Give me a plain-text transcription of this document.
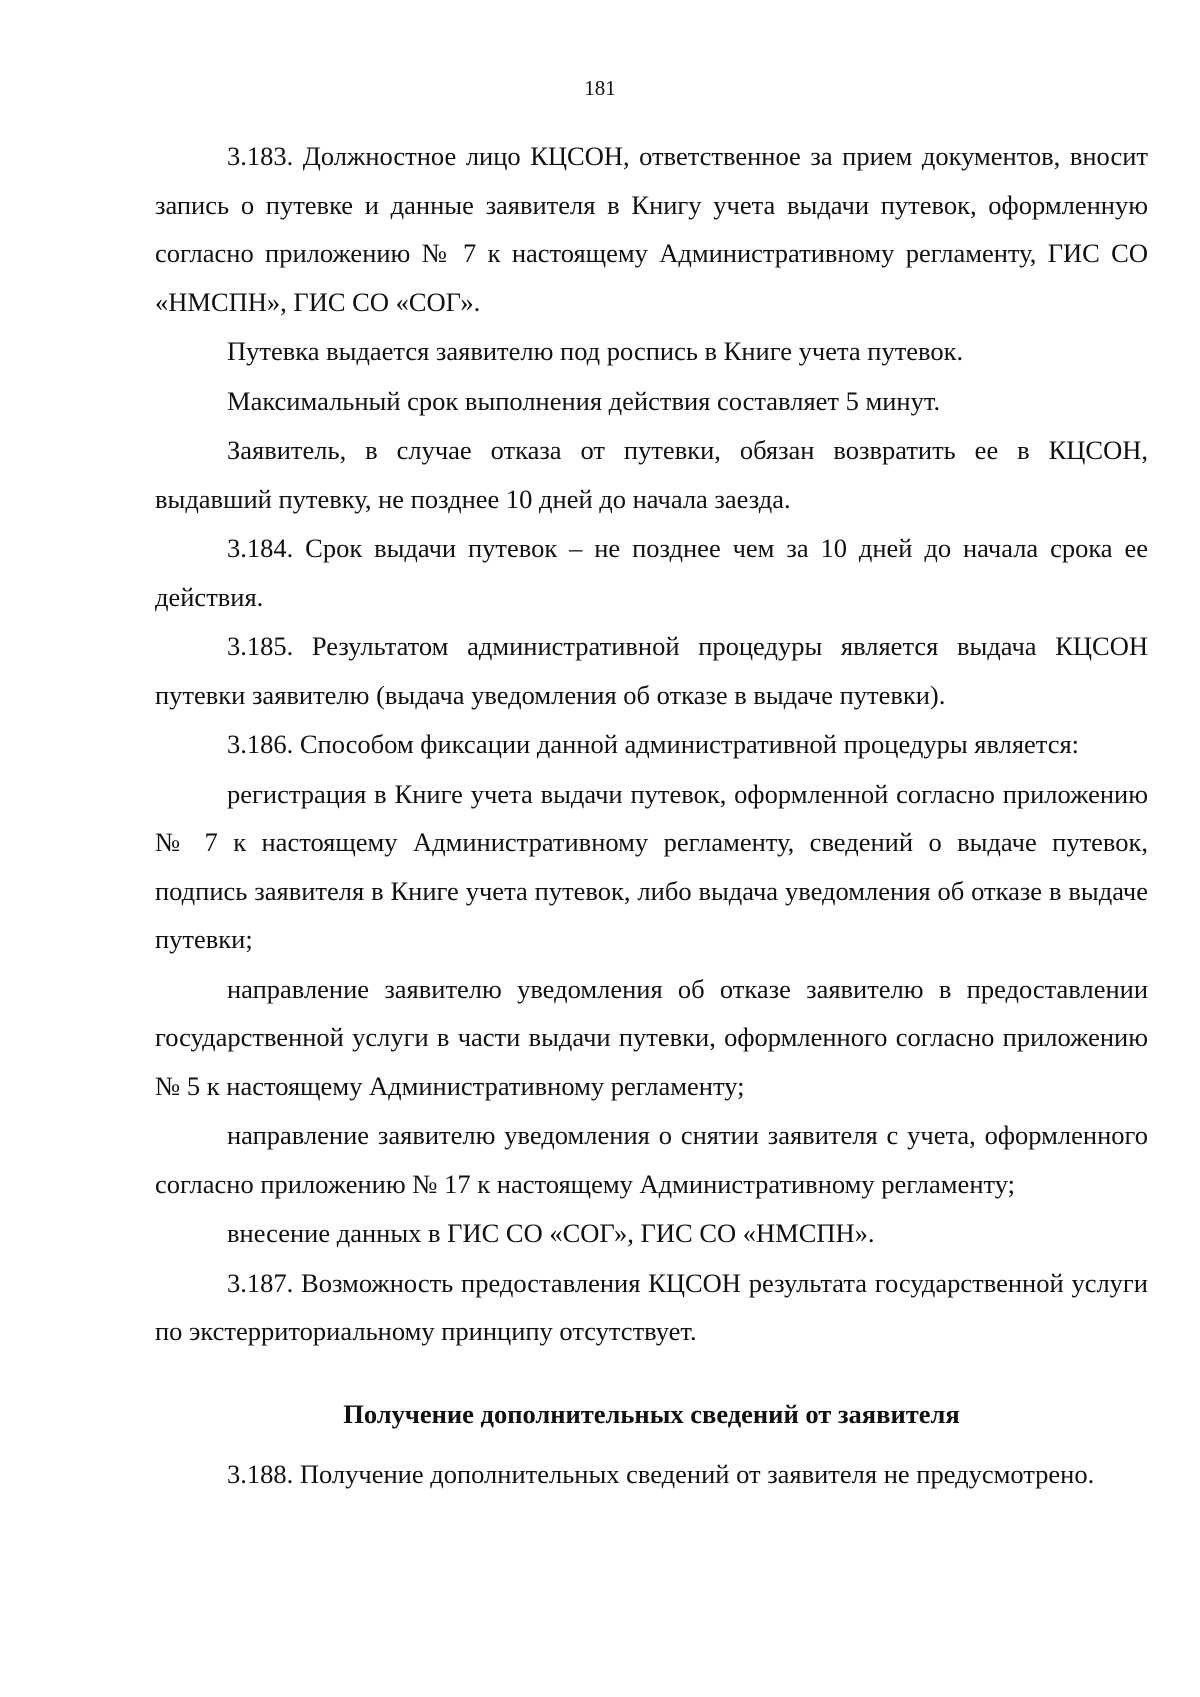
181

3.183. Должностное лицо КЦСОН, ответственное за прием документов, вносит запись о путевке и данные заявителя в Книгу учета выдачи путевок, оформленную согласно приложению № 7 к настоящему Административному регламенту, ГИС СО «НМСПН», ГИС СО «СОГ».

Путевка выдается заявителю под роспись в Книге учета путевок.

Максимальный срок выполнения действия составляет 5 минут.

Заявитель, в случае отказа от путевки, обязан возвратить ее в КЦСОН, выдавший путевку, не позднее 10 дней до начала заезда.

3.184. Срок выдачи путевок – не позднее чем за 10 дней до начала срока ее действия.

3.185. Результатом административной процедуры является выдача КЦСОН путевки заявителю (выдача уведомления об отказе в выдаче путевки).

3.186. Способом фиксации данной административной процедуры является:

регистрация в Книге учета выдачи путевок, оформленной согласно приложению № 7 к настоящему Административному регламенту, сведений о выдаче путевок, подпись заявителя в Книге учета путевок, либо выдача уведомления об отказе в выдаче путевки;

направление заявителю уведомления об отказе заявителю в предоставлении государственной услуги в части выдачи путевки, оформленного согласно приложению № 5 к настоящему Административному регламенту;

направление заявителю уведомления о снятии заявителя с учета, оформленного согласно приложению № 17 к настоящему Административному регламенту;

внесение данных в ГИС СО «СОГ», ГИС СО «НМСПН».

3.187. Возможность предоставления КЦСОН результата государственной услуги по экстерриториальному принципу отсутствует.

Получение дополнительных сведений от заявителя

3.188. Получение дополнительных сведений от заявителя не предусмотрено.
